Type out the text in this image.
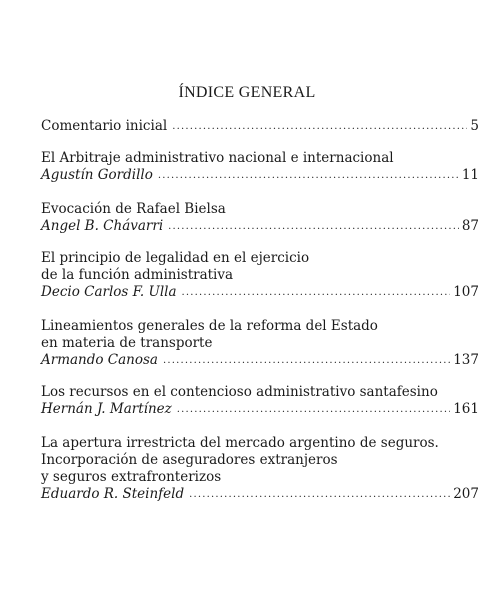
ÍNDICE GENERAL
Comentario inicial .....	5
El Arbitraje administrativo nacional e internacional
Agustín Gordillo .....	11
Evocación de Rafael Bielsa
Angel B. Chávarri .....	87
El principio de legalidad en el ejercicio
de la función administrativa
Decio Carlos F. Ulla .....	107
Lineamientos generales de la reforma del Estado
en materia de transporte
Armando Canosa .....	137
Los recursos en el contencioso administrativo santafesino
Hernán J. Martínez .....	161
La apertura irrestricta del mercado argentino de seguros.
Incorporación de aseguradores extranjeros
y seguros extrafronterizos
Eduardo R. Steinfeld .....	207
